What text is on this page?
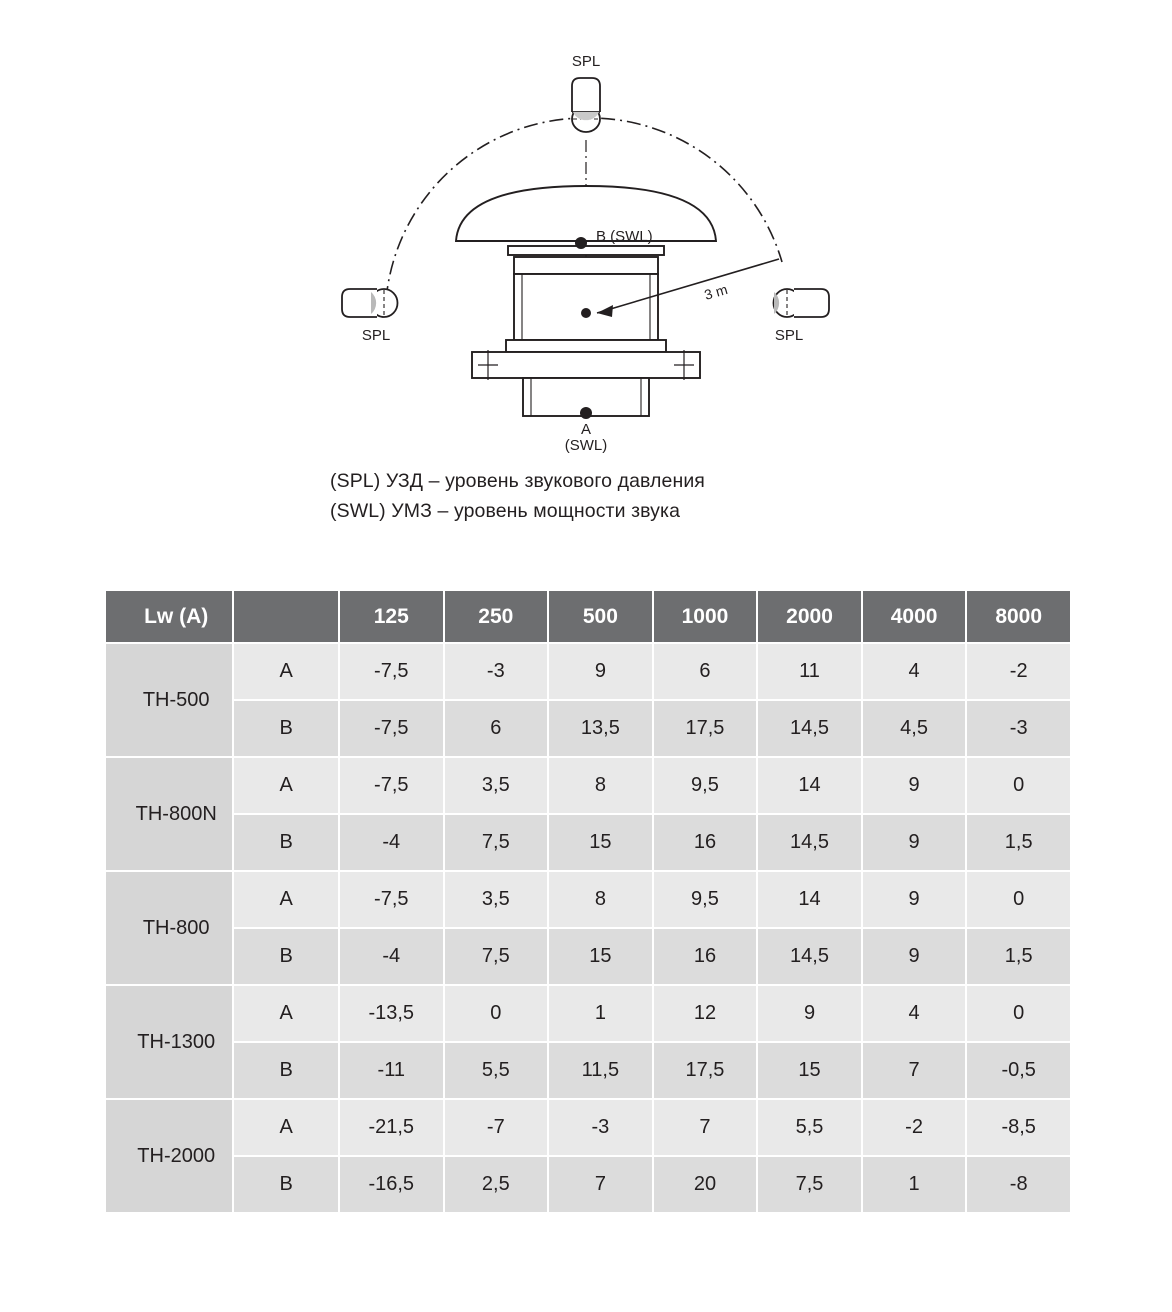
SPL
SPL	SPL
B (SWL)
A
(SWL)
3 m
(SPL) УЗД – уровень звукового давления
(SWL) УМЗ – уровень мощности звука
Lw (A)		125	250	500	1000	2000	4000	8000
TH-500	A	-7,5	-3	9	6	11	4	-2
	B	-7,5	6	13,5	17,5	14,5	4,5	-3
TH-800N	A	-7,5	3,5	8	9,5	14	9	0
	B	-4	7,5	15	16	14,5	9	1,5
TH-800	A	-7,5	3,5	8	9,5	14	9	0
	B	-4	7,5	15	16	14,5	9	1,5
TH-1300	A	-13,5	0	1	12	9	4	0
	B	-11	5,5	11,5	17,5	15	7	-0,5
TH-2000	A	-21,5	-7	-3	7	5,5	-2	-8,5
	B	-16,5	2,5	7	20	7,5	1	-8
